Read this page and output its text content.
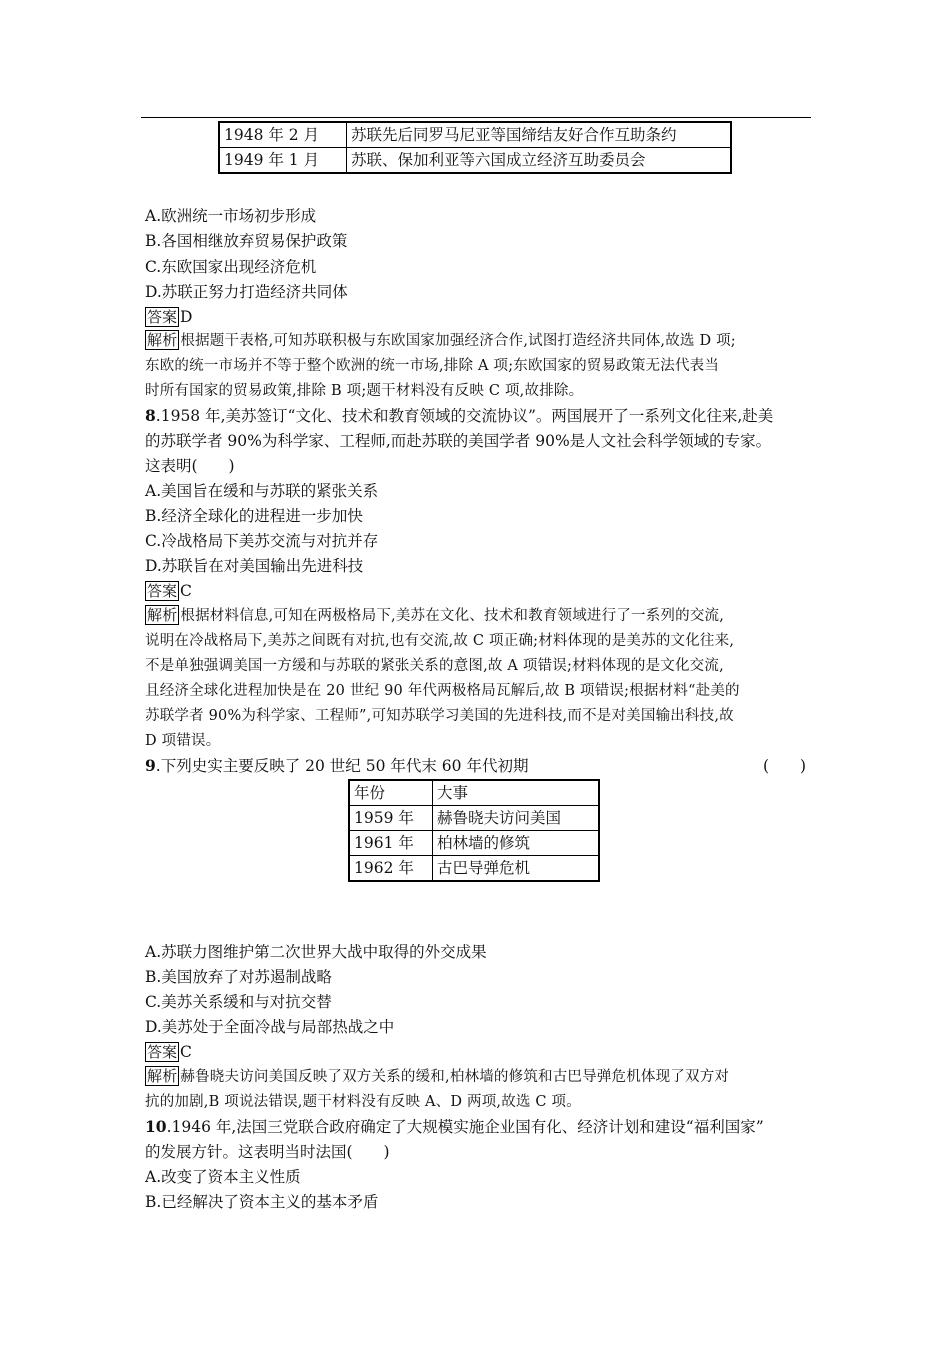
1948 年 2 月	苏联先后同罗马尼亚等国缔结友好合作互助条约
1949 年 1 月	苏联、保加利亚等六国成立经济互助委员会
A.欧洲统一市场初步形成
B.各国相继放弃贸易保护政策
C.东欧国家出现经济危机
D.苏联正努力打造经济共同体
答案 D
解析 根据题干表格,可知苏联积极与东欧国家加强经济合作,试图打造经济共同体,故选 D 项;
东欧的统一市场并不等于整个欧洲的统一市场,排除 A 项;东欧国家的贸易政策无法代表当
时所有国家的贸易政策,排除 B 项;题干材料没有反映 C 项,故排除。
8.1958 年,美苏签订“文化、技术和教育领域的交流协议”。两国展开了一系列文化往来,赴美
的苏联学者 90%为科学家、工程师,而赴苏联的美国学者 90%是人文社会科学领域的专家。
这表明(　　)
A.美国旨在缓和与苏联的紧张关系
B.经济全球化的进程进一步加快
C.冷战格局下美苏交流与对抗并存
D.苏联旨在对美国输出先进科技
答案 C
解析 根据材料信息,可知在两极格局下,美苏在文化、技术和教育领域进行了一系列的交流,
说明在冷战格局下,美苏之间既有对抗,也有交流,故 C 项正确;材料体现的是美苏的文化往来,
不是单独强调美国一方缓和与苏联的紧张关系的意图,故 A 项错误;材料体现的是文化交流,
且经济全球化进程加快是在 20 世纪 90 年代两极格局瓦解后,故 B 项错误;根据材料“赴美的
苏联学者 90%为科学家、工程师”,可知苏联学习美国的先进科技,而不是对美国输出科技,故
D 项错误。
9.下列史实主要反映了 20 世纪 50 年代末 60 年代初期	(　　)
年份	大事
1959 年	赫鲁晓夫访问美国
1961 年	柏林墙的修筑
1962 年	古巴导弹危机
A.苏联力图维护第二次世界大战中取得的外交成果
B.美国放弃了对苏遏制战略
C.美苏关系缓和与对抗交替
D.美苏处于全面冷战与局部热战之中
答案 C
解析 赫鲁晓夫访问美国反映了双方关系的缓和,柏林墙的修筑和古巴导弹危机体现了双方对
抗的加剧,B 项说法错误,题干材料没有反映 A、D 两项,故选 C 项。
10.1946 年,法国三党联合政府确定了大规模实施企业国有化、经济计划和建设“福利国家”
的发展方针。这表明当时法国(　　)
A.改变了资本主义性质
B.已经解决了资本主义的基本矛盾
